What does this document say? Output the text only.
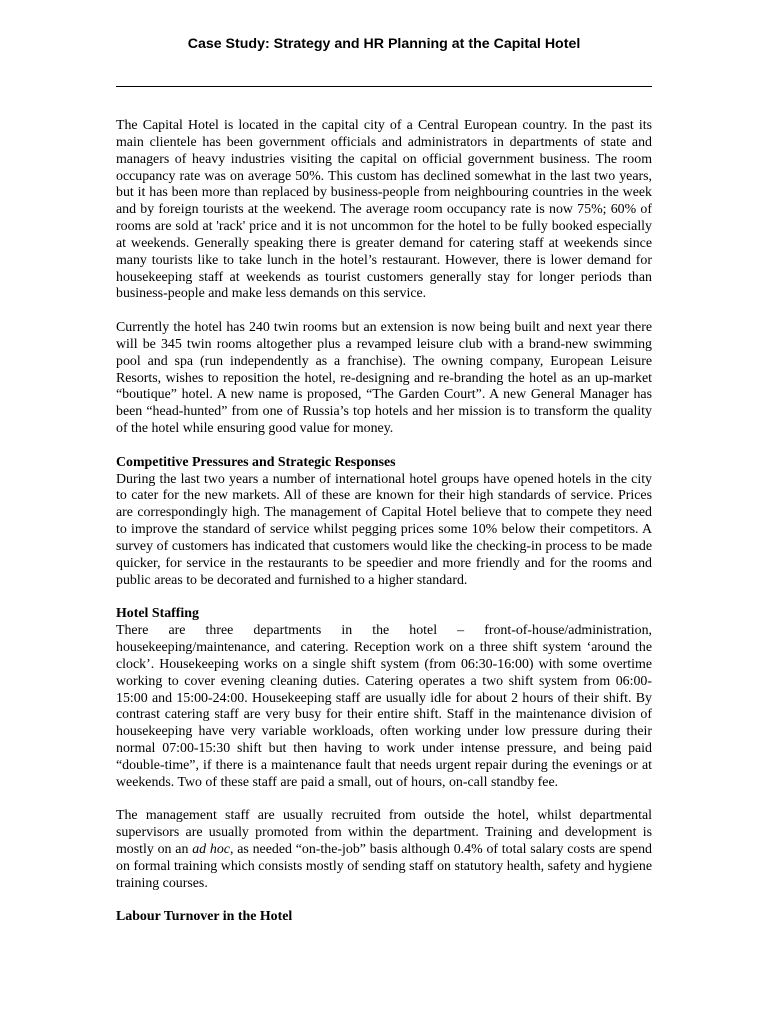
Case Study: Strategy and HR Planning at the Capital Hotel

The Capital Hotel is located in the capital city of a Central European country. In the past its main clientele has been government officials and administrators in departments of state and managers of heavy industries visiting the capital on official government business. The room occupancy rate was on average 50%. This custom has declined somewhat in the last two years, but it has been more than replaced by business-people from neighbouring countries in the week and by foreign tourists at the weekend. The average room occupancy rate is now 75%; 60% of rooms are sold at 'rack' price and it is not uncommon for the hotel to be fully booked especially at weekends. Generally speaking there is greater demand for catering staff at weekends since many tourists like to take lunch in the hotel’s restaurant. However, there is lower demand for housekeeping staff at weekends as tourist customers generally stay for longer periods than business-people and make less demands on this service.

Currently the hotel has 240 twin rooms but an extension is now being built and next year there will be 345 twin rooms altogether plus a revamped leisure club with a brand-new swimming pool and spa (run independently as a franchise). The owning company, European Leisure Resorts, wishes to reposition the hotel, re-designing and re-branding the hotel as an up-market “boutique” hotel. A new name is proposed, “The Garden Court”. A new General Manager has been “head-hunted” from one of Russia’s top hotels and her mission is to transform the quality of the hotel while ensuring good value for money.

Competitive Pressures and Strategic Responses

During the last two years a number of international hotel groups have opened hotels in the city to cater for the new markets. All of these are known for their high standards of service. Prices are correspondingly high. The management of Capital Hotel believe that to compete they need to improve the standard of service whilst pegging prices some 10% below their competitors. A survey of customers has indicated that customers would like the checking-in process to be made quicker, for service in the restaurants to be speedier and more friendly and for the rooms and public areas to be decorated and furnished to a higher standard.

Hotel Staffing

There are three departments in the hotel – front-of-house/administration, housekeeping/maintenance, and catering. Reception work on a three shift system ‘around the clock’. Housekeeping works on a single shift system (from 06:30-16:00) with some overtime working to cover evening cleaning duties. Catering operates a two shift system from 06:00-15:00 and 15:00-24:00. Housekeeping staff are usually idle for about 2 hours of their shift. By contrast catering staff are very busy for their entire shift. Staff in the maintenance division of housekeeping have very variable workloads, often working under low pressure during their normal 07:00-15:30 shift but then having to work under intense pressure, and being paid “double-time”, if there is a maintenance fault that needs urgent repair during the evenings or at weekends. Two of these staff are paid a small, out of hours, on-call standby fee.

The management staff are usually recruited from outside the hotel, whilst departmental supervisors are usually promoted from within the department. Training and development is mostly on an ad hoc, as needed “on-the-job” basis although 0.4% of total salary costs are spend on formal training which consists mostly of sending staff on statutory health, safety and hygiene training courses.

Labour Turnover in the Hotel
